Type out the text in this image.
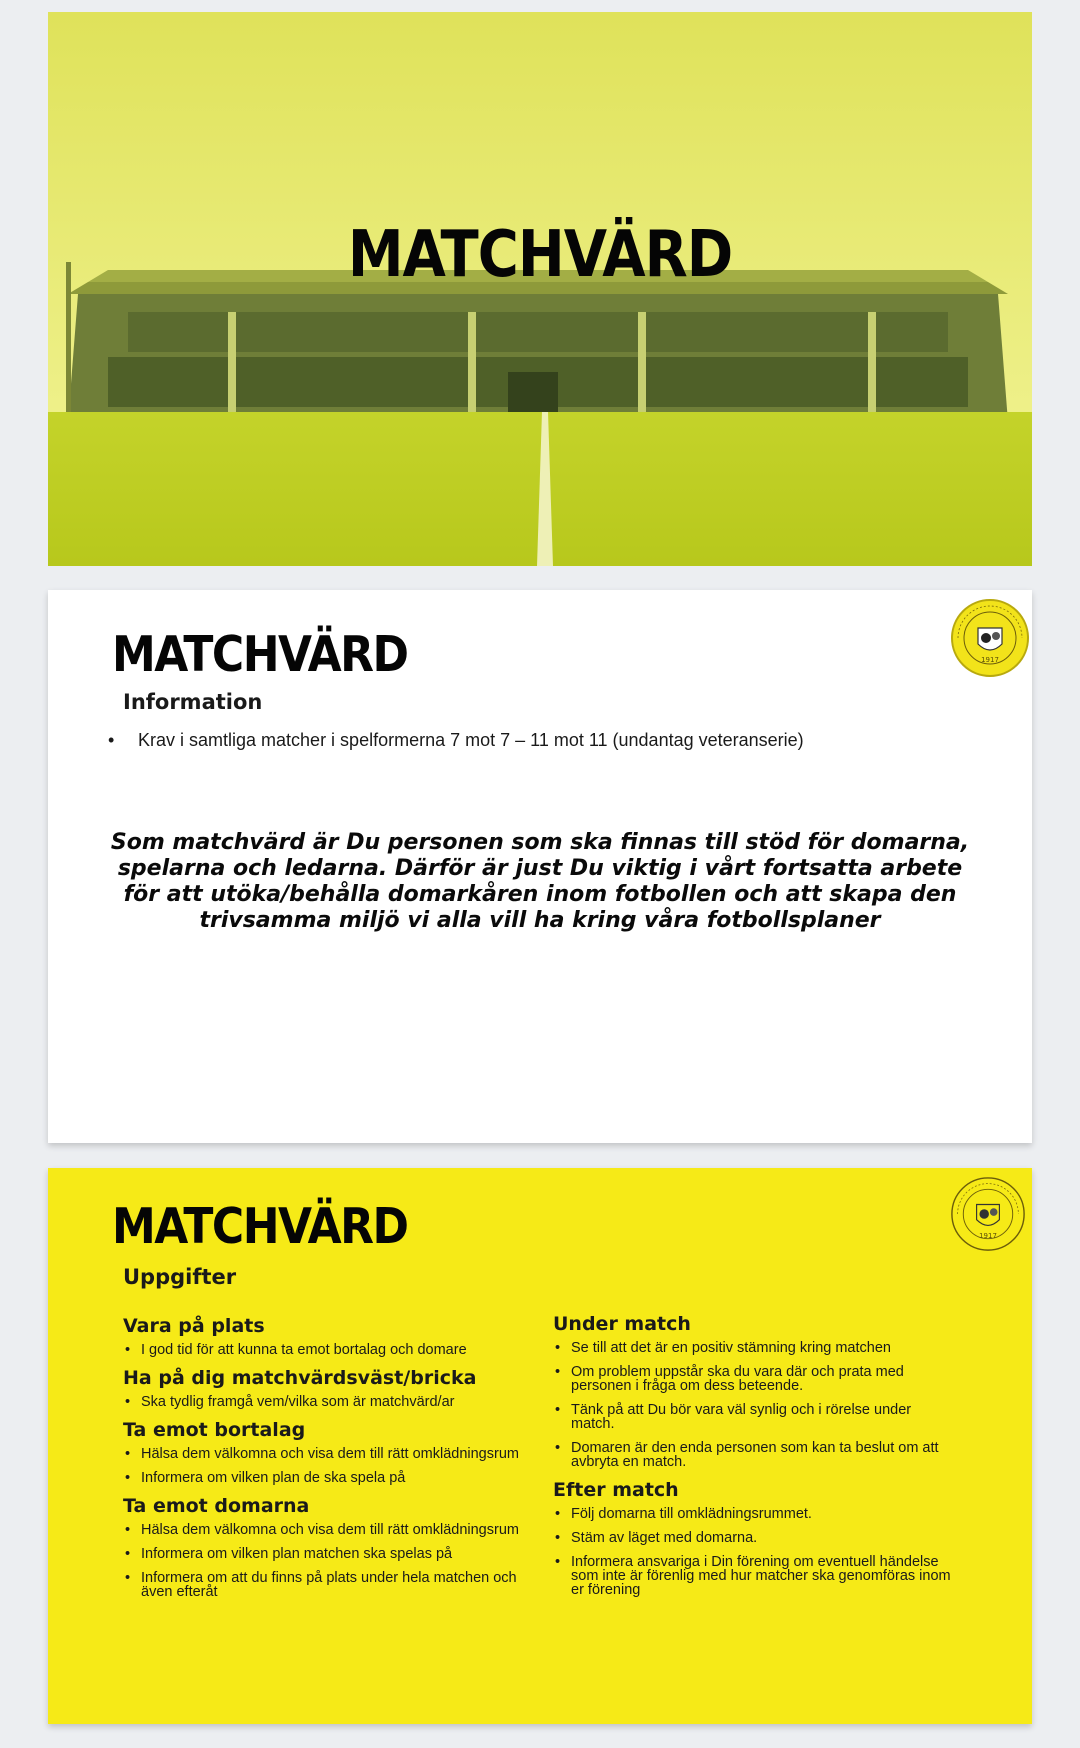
MATCHVÄRD
MATCHVÄRD
Information
• Krav i samtliga matcher i spelformerna 7 mot 7 – 11 mot 11 (undantag veteranserie)
Som matchvärd är Du personen som ska finnas till stöd för domarna, spelarna och ledarna. Därför är just Du viktig i vårt fortsatta arbete för att utöka/behålla domarkåren inom fotbollen och att skapa den trivsamma miljö vi alla vill ha kring våra fotbollsplaner
1917
MATCHVÄRD
Uppgifter
Vara på plats
• I god tid för att kunna ta emot bortalag och domare
Ha på dig matchvärdsväst/bricka
• Ska tydlig framgå vem/vilka som är matchvärd/ar
Ta emot bortalag
• Hälsa dem välkomna och visa dem till rätt omklädningsrum
• Informera om vilken plan de ska spela på
Ta emot domarna
• Hälsa dem välkomna och visa dem till rätt omklädningsrum
• Informera om vilken plan matchen ska spelas på
• Informera om att du finns på plats under hela matchen och även efteråt
Under match
• Se till att det är en positiv stämning kring matchen
• Om problem uppstår ska du vara där och prata med personen i fråga om dess beteende.
• Tänk på att Du bör vara väl synlig och i rörelse under match.
• Domaren är den enda personen som kan ta beslut om att avbryta en match.
Efter match
• Följ domarna till omklädningsrummet.
• Stäm av läget med domarna.
• Informera ansvariga i Din förening om eventuell händelse som inte är förenlig med hur matcher ska genomföras inom er förening
1917
